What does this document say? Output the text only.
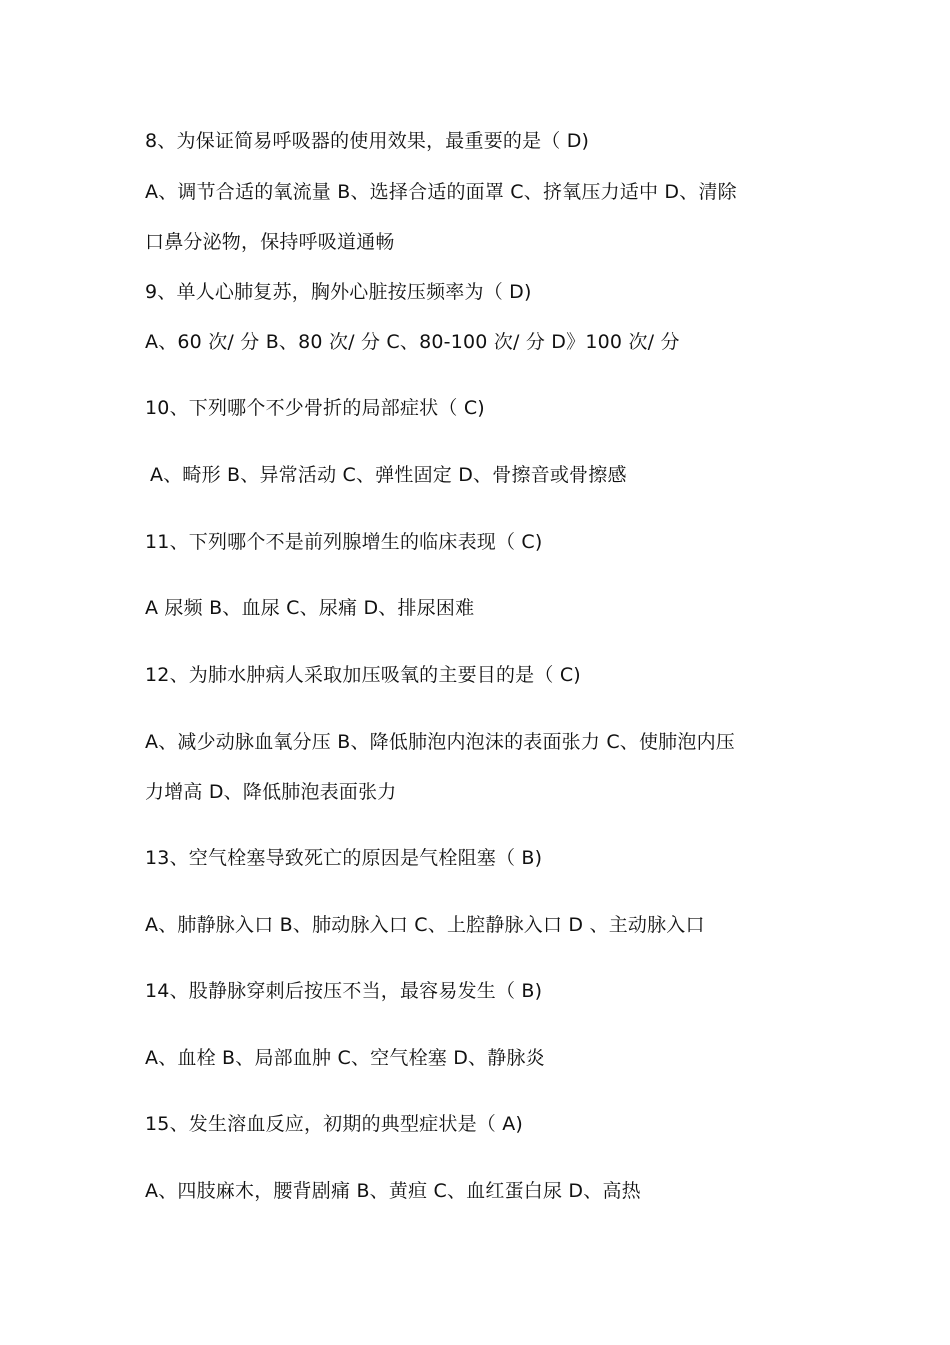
8、为保证简易呼吸器的使用效果，最重要的是（ D)
A、调节合适的氧流量 B、选择合适的面罩 C、挤氧压力适中 D、清除
口鼻分泌物，保持呼吸道通畅
9、单人心肺复苏，胸外心脏按压频率为（ D)
A、60 次/ 分 B、80 次/ 分 C、80-100 次/ 分 D》100 次/ 分
10、下列哪个不少骨折的局部症状（ C)
A、畸形 B、异常活动 C、弹性固定 D、骨擦音或骨擦感
11、下列哪个不是前列腺增生的临床表现（ C)
A 尿频 B、血尿 C、尿痛 D、排尿困难
12、为肺水肿病人采取加压吸氧的主要目的是（ C)
A、减少动脉血氧分压 B、降低肺泡内泡沫的表面张力 C、使肺泡内压
力增高 D、降低肺泡表面张力
13、空气栓塞导致死亡的原因是气栓阻塞（ B)
A、肺静脉入口 B、肺动脉入口 C、上腔静脉入口 D 、主动脉入口
14、股静脉穿刺后按压不当，最容易发生（ B)
A、血栓 B、局部血肿 C、空气栓塞 D、静脉炎
15、发生溶血反应，初期的典型症状是（ A)
A、四肢麻木，腰背剧痛 B、黄疸 C、血红蛋白尿 D、高热
